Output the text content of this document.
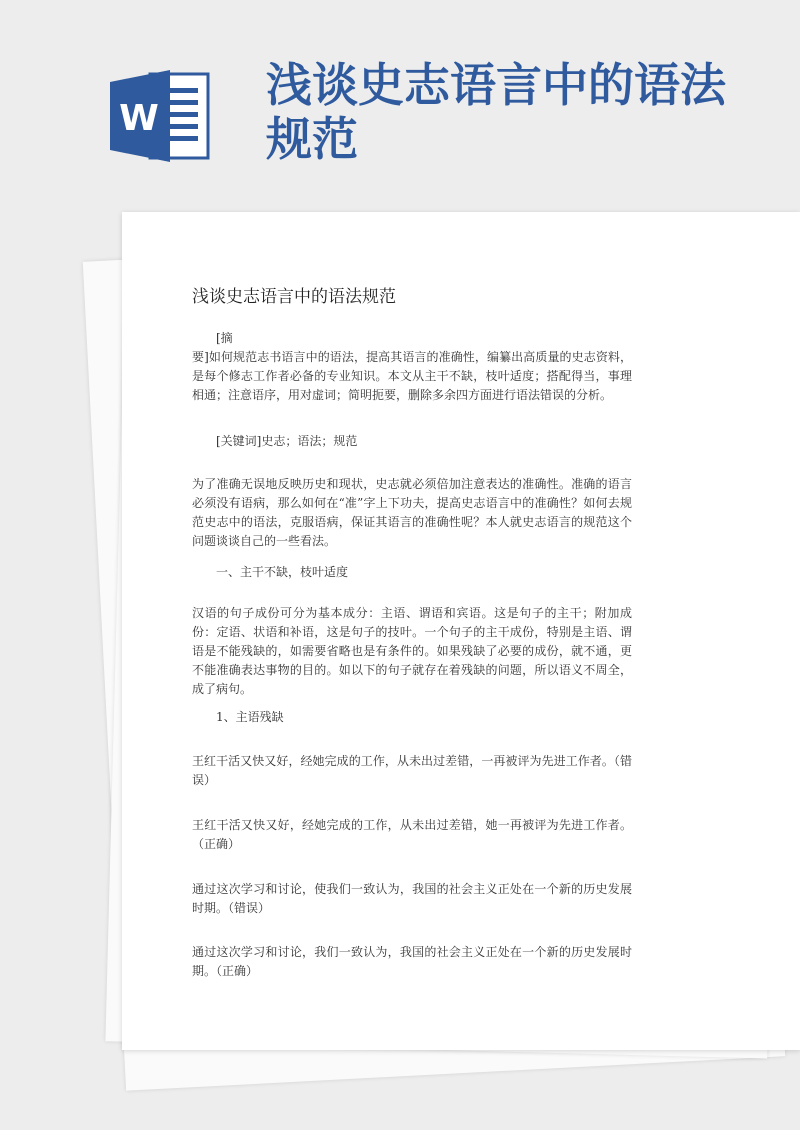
W
浅谈史志语言中的语法规范
浅谈史志语言中的语法规范

[摘

要]如何规范志书语言中的语法，提高其语言的准确性，编纂出高质量的史志资料，是每个修志工作者必备的专业知识。本文从主干不缺，枝叶适度；搭配得当，事理相通；注意语序，用对虚词；简明扼要，删除多余四方面进行语法错误的分析。

[关键词]史志；语法；规范

为了准确无误地反映历史和现状，史志就必须倍加注意表达的准确性。准确的语言必须没有语病，那么如何在“准”字上下功夫，提高史志语言中的准确性？如何去规范史志中的语法，克服语病，保证其语言的准确性呢？本人就史志语言的规范这个问题谈谈自己的一些看法。

一、主干不缺，枝叶适度

汉语的句子成份可分为基本成分：主语、谓语和宾语。这是句子的主干；附加成份：定语、状语和补语，这是句子的技叶。一个句子的主干成份，特别是主语、谓语是不能残缺的，如需要省略也是有条件的。如果残缺了必要的成份，就不通，更不能准确表达事物的目的。如以下的句子就存在着残缺的问题，所以语义不周全，成了病句。

1、主语残缺

王红干活又快又好，经她完成的工作，从未出过差错，一再被评为先进工作者。（错误）

王红干活又快又好，经她完成的工作，从未出过差错，她一再被评为先进工作者。（正确）

通过这次学习和讨论，使我们一致认为，我国的社会主义正处在一个新的历史发展时期。（错误）

通过这次学习和讨论，我们一致认为，我国的社会主义正处在一个新的历史发展时期。（正确）
